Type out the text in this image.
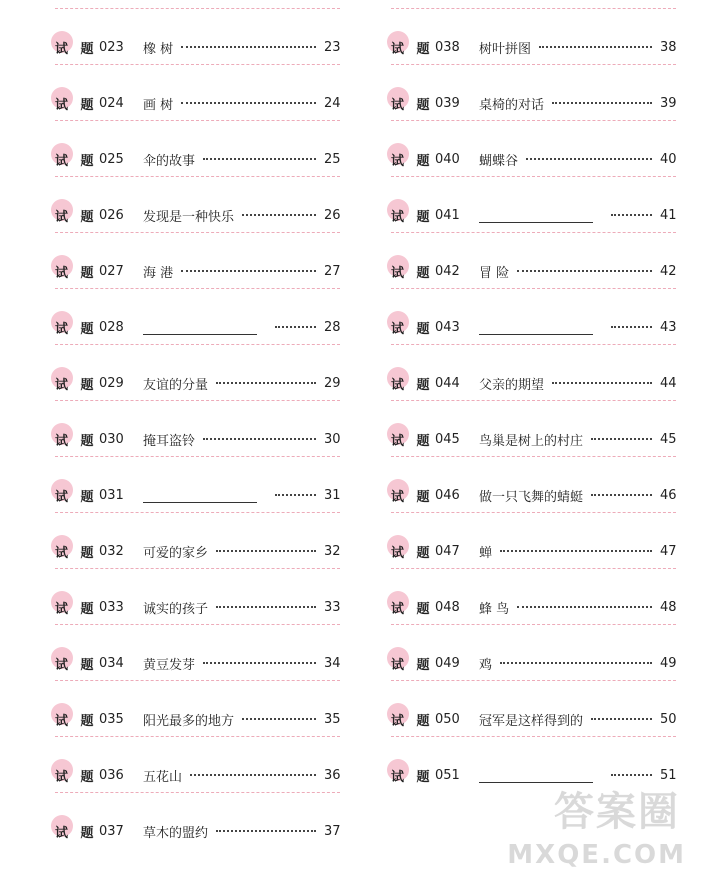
试 题 023	橡 树	23
试 题 024	画 树	24
试 题 025	伞的故事	25
试 题 026	发现是一种快乐	26
试 题 027	海 港	27
试 题 028	28
试 题 029	友谊的分量	29
试 题 030	掩耳盗铃	30
试 题 031	31
试 题 032	可爱的家乡	32
试 题 033	诚实的孩子	33
试 题 034	黄豆发芽	34
试 题 035	阳光最多的地方	35
试 题 036	五花山	36
试 题 037	草木的盟约	37
试 题 038	树叶拼图	38
试 题 039	桌椅的对话	39
试 题 040	蝴蝶谷	40
试 题 041	41
试 题 042	冒 险	42
试 题 043	43
试 题 044	父亲的期望	44
试 题 045	鸟巢是树上的村庄	45
试 题 046	做一只飞舞的蜻蜓	46
试 题 047	蝉	47
试 题 048	蜂 鸟	48
试 题 049	鸡	49
试 题 050	冠军是这样得到的	50
试 题 051	51
答案圈
MXQE.COM
